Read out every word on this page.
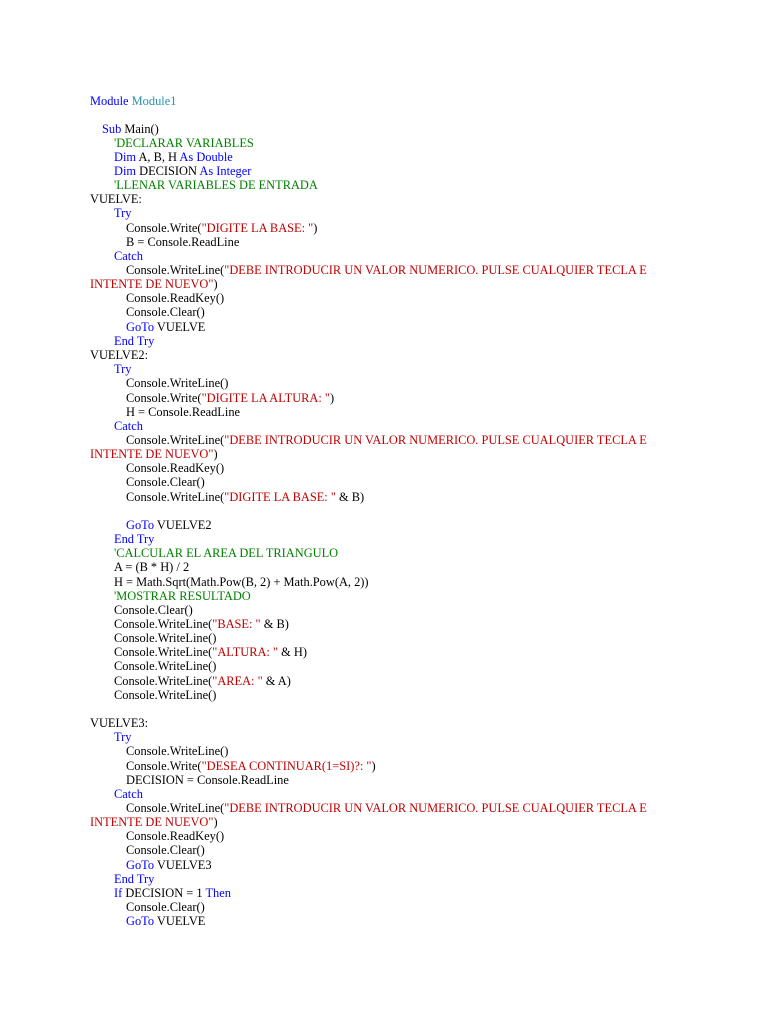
Module Module1
Sub Main()
'DECLARAR VARIABLES
Dim A, B, H As Double
Dim DECISION As Integer
'LLENAR VARIABLES DE ENTRADA
VUELVE:
Try
Console.Write("DIGITE LA BASE: ")
B = Console.ReadLine
Catch
Console.WriteLine("DEBE INTRODUCIR UN VALOR NUMERICO. PULSE CUALQUIER TECLA E
INTENTE DE NUEVO")
Console.ReadKey()
Console.Clear()
GoTo VUELVE
End Try
VUELVE2:
Try
Console.WriteLine()
Console.Write("DIGITE LA ALTURA: ")
H = Console.ReadLine
Catch
Console.WriteLine("DEBE INTRODUCIR UN VALOR NUMERICO. PULSE CUALQUIER TECLA E
INTENTE DE NUEVO")
Console.ReadKey()
Console.Clear()
Console.WriteLine("DIGITE LA BASE: " & B)
GoTo VUELVE2
End Try
'CALCULAR EL AREA DEL TRIANGULO
A = (B * H) / 2
H = Math.Sqrt(Math.Pow(B, 2) + Math.Pow(A, 2))
'MOSTRAR RESULTADO
Console.Clear()
Console.WriteLine("BASE: " & B)
Console.WriteLine()
Console.WriteLine("ALTURA: " & H)
Console.WriteLine()
Console.WriteLine("AREA: " & A)
Console.WriteLine()
VUELVE3:
Try
Console.WriteLine()
Console.Write("DESEA CONTINUAR(1=SI)?: ")
DECISION = Console.ReadLine
Catch
Console.WriteLine("DEBE INTRODUCIR UN VALOR NUMERICO. PULSE CUALQUIER TECLA E
INTENTE DE NUEVO")
Console.ReadKey()
Console.Clear()
GoTo VUELVE3
End Try
If DECISION = 1 Then
Console.Clear()
GoTo VUELVE
